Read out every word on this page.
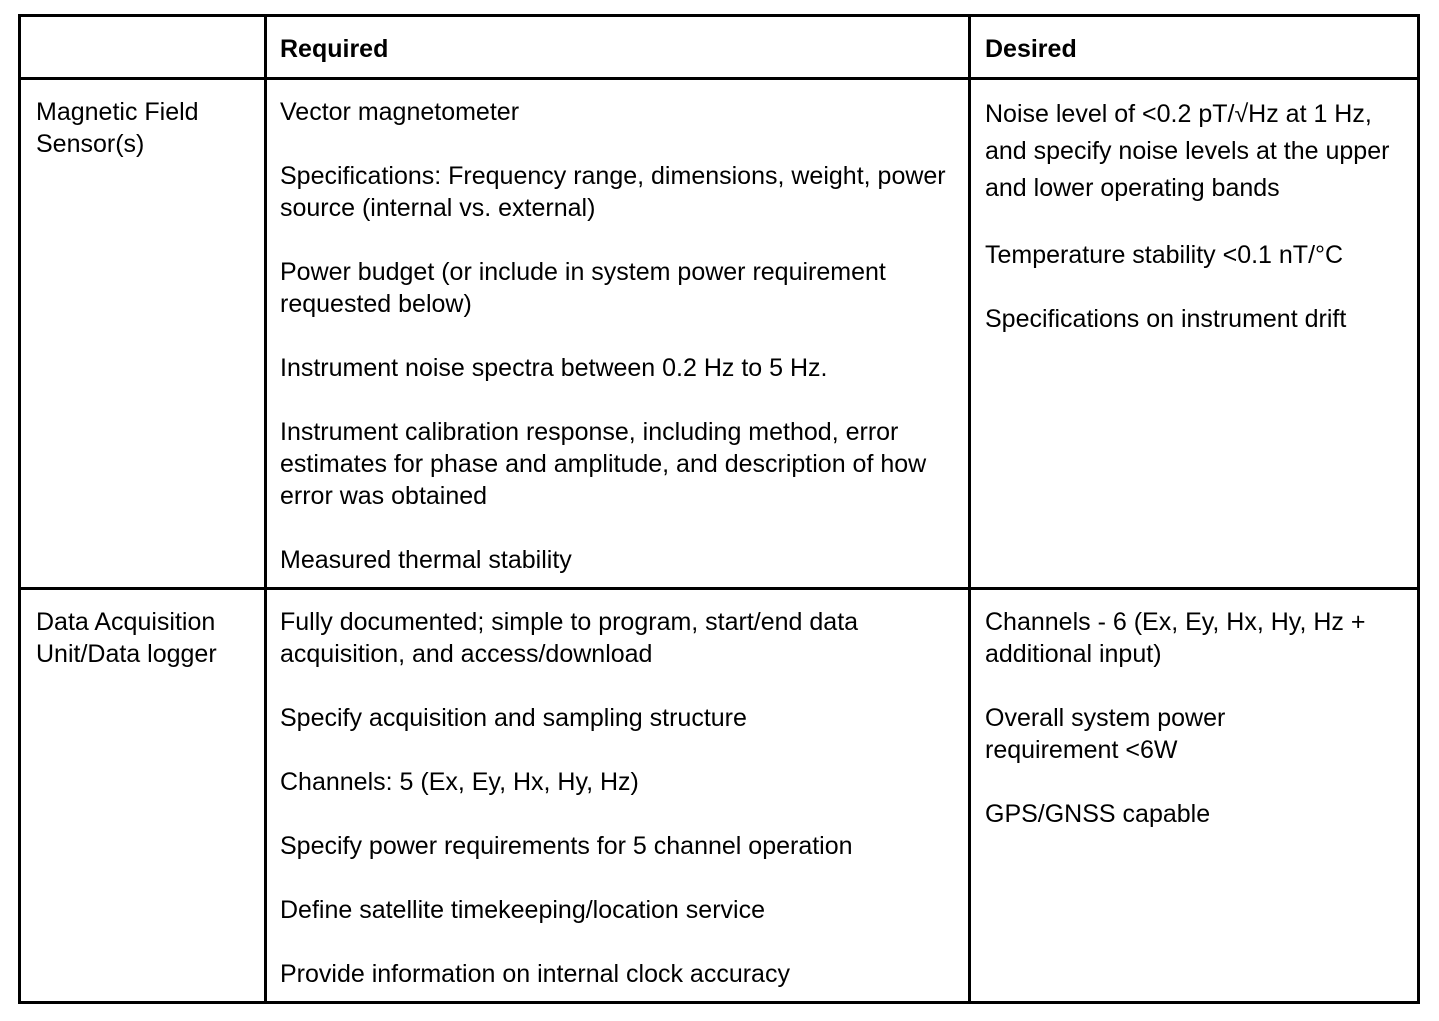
Required	Desired
Magnetic Field Sensor(s)
Vector magnetometer
Specifications: Frequency range, dimensions, weight, power source (internal vs. external)
Power budget (or include in system power requirement requested below)
Instrument noise spectra between 0.2 Hz to 5 Hz.
Instrument calibration response, including method, error estimates for phase and amplitude, and description of how error was obtained
Measured thermal stability
Noise level of <0.2 pT/√Hz at 1 Hz, and specify noise levels at the upper and lower operating bands
Temperature stability <0.1 nT/°C
Specifications on instrument drift
Data Acquisition Unit/Data logger
Fully documented; simple to program, start/end data acquisition, and access/download
Specify acquisition and sampling structure
Channels: 5 (Ex, Ey, Hx, Hy, Hz)
Specify power requirements for 5 channel operation
Define satellite timekeeping/location service
Provide information on internal clock accuracy
Channels - 6 (Ex, Ey, Hx, Hy, Hz + additional input)
Overall system power requirement <6W
GPS/GNSS capable
